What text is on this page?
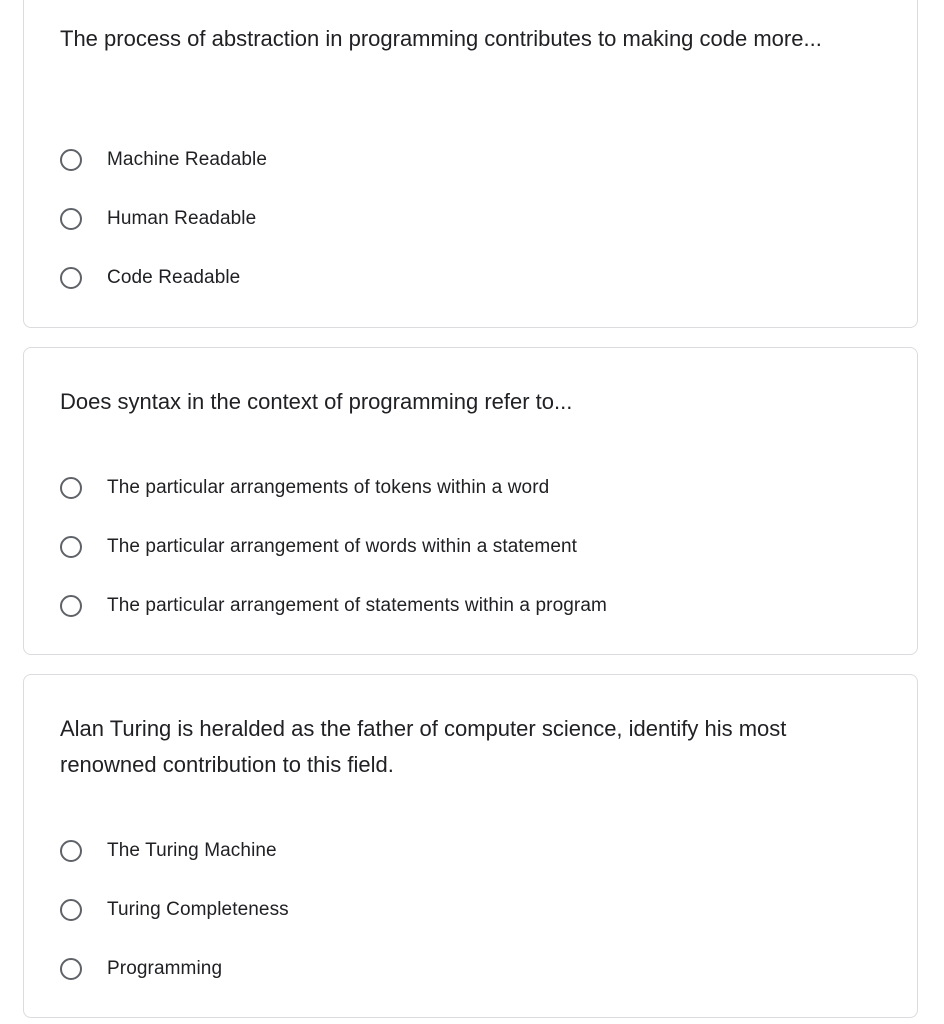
The process of abstraction in programming contributes to making code more...

Machine Readable
Human Readable
Code Readable

Does syntax in the context of programming refer to...

The particular arrangements of tokens within a word
The particular arrangement of words within a statement
The particular arrangement of statements within a program

Alan Turing is heralded as the father of computer science, identify his most renowned contribution to this field.

The Turing Machine
Turing Completeness
Programming
